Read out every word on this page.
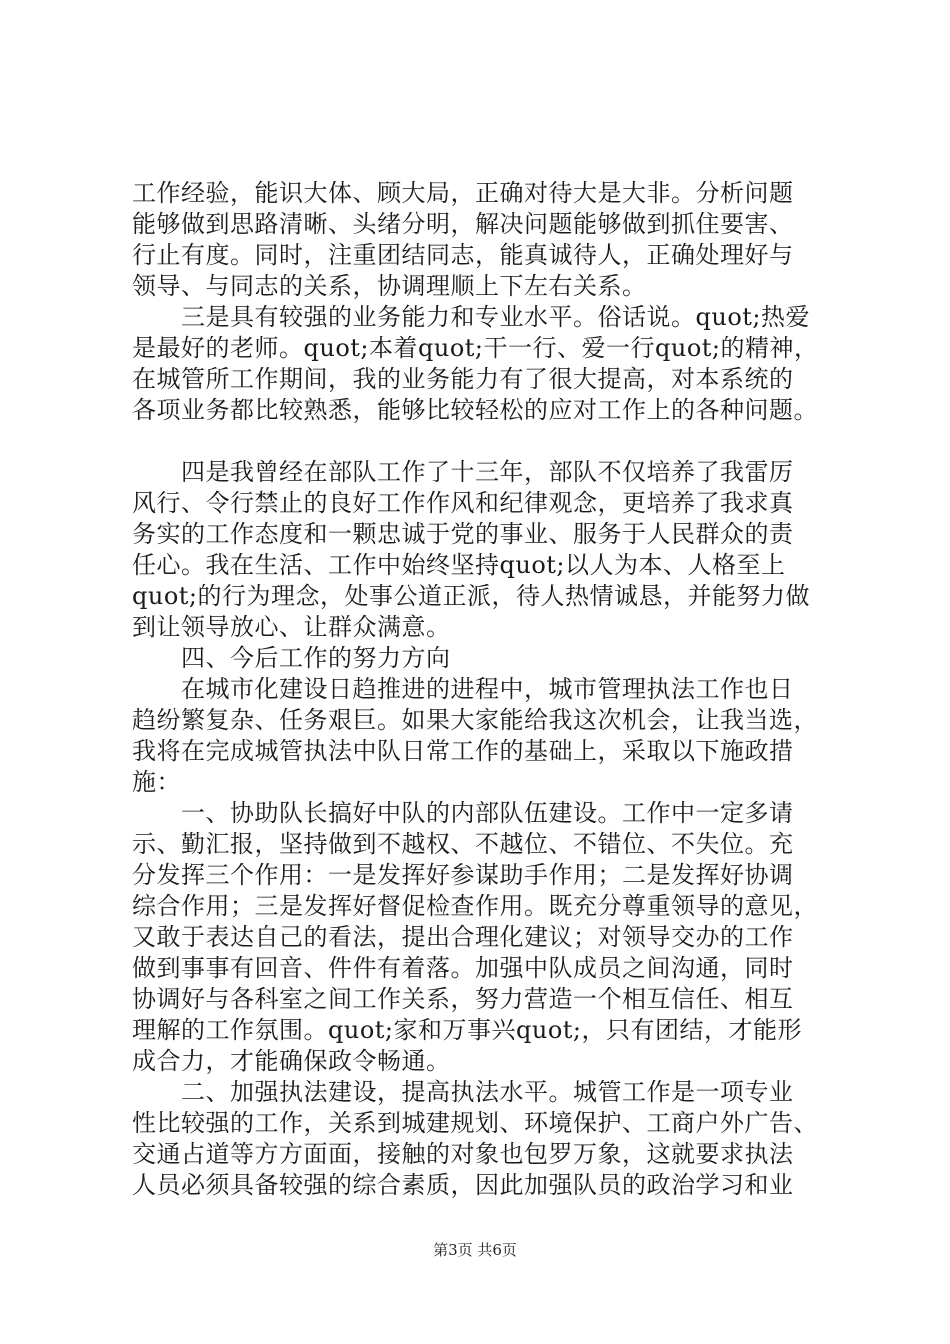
工作经验，能识大体、顾大局，正确对待大是大非。分析问题
能够做到思路清晰、头绪分明，解决问题能够做到抓住要害、
行止有度。同时，注重团结同志，能真诚待人，正确处理好与
领导、与同志的关系，协调理顺上下左右关系。
　　三是具有较强的业务能力和专业水平。俗话说。quot;热爱
是最好的老师。quot;本着quot;干一行、爱一行quot;的精神，
在城管所工作期间，我的业务能力有了很大提高，对本系统的
各项业务都比较熟悉，能够比较轻松的应对工作上的各种问题。
　　四是我曾经在部队工作了十三年，部队不仅培养了我雷厉
风行、令行禁止的良好工作作风和纪律观念，更培养了我求真
务实的工作态度和一颗忠诚于党的事业、服务于人民群众的责
任心。我在生活、工作中始终坚持quot;以人为本、人格至上
quot;的行为理念，处事公道正派，待人热情诚恳，并能努力做
到让领导放心、让群众满意。
　　四、今后工作的努力方向
　　在城市化建设日趋推进的进程中，城市管理执法工作也日
趋纷繁复杂、任务艰巨。如果大家能给我这次机会，让我当选，
我将在完成城管执法中队日常工作的基础上，采取以下施政措
施：
　　一、协助队长搞好中队的内部队伍建设。工作中一定多请
示、勤汇报，坚持做到不越权、不越位、不错位、不失位。充
分发挥三个作用：一是发挥好参谋助手作用；二是发挥好协调
综合作用；三是发挥好督促检查作用。既充分尊重领导的意见，
又敢于表达自己的看法，提出合理化建议；对领导交办的工作
做到事事有回音、件件有着落。加强中队成员之间沟通，同时
协调好与各科室之间工作关系，努力营造一个相互信任、相互
理解的工作氛围。quot;家和万事兴quot;，只有团结，才能形
成合力，才能确保政令畅通。
　　二、加强执法建设，提高执法水平。城管工作是一项专业
性比较强的工作，关系到城建规划、环境保护、工商户外广告、
交通占道等方方面面，接触的对象也包罗万象，这就要求执法
人员必须具备较强的综合素质，因此加强队员的政治学习和业
第3页 共6页
